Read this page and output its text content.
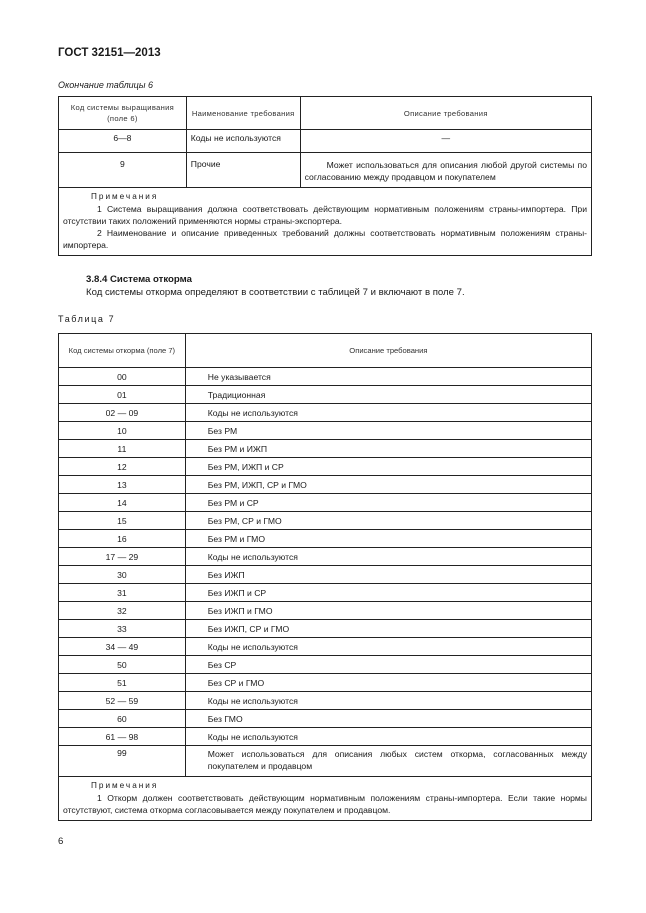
ГОСТ 32151—2013
Окончание таблицы 6
Код системы выращивания (поле 6)	Наименование требования	Описание требования
6—8	Коды не используются	—
9	Прочие	Может использоваться для описания любой другой системы по согласованию между продавцом и покупателем

Примечания
1 Система выращивания должна соответствовать действующим нормативным положениям страны-импортера. При отсутствии таких положений применяются нормы страны-экспортера.
2 Наименование и описание приведенных требований должны соответствовать нормативным положениям страны-импортера.		
3.8.4 Система откорма
Код системы откорма определяют в соответствии с таблицей 7 и включают в поле 7.
Таблица 7
Код системы откорма (поле 7)	Описание требования
00	Не указывается
01	Традиционная
02 — 09	Коды не используются
10	Без РМ
11	Без РМ и ИЖП
12	Без РМ, ИЖП и СР
13	Без РМ, ИЖП, СР и ГМО
14	Без РМ и СР
15	Без РМ, СР и ГМО
16	Без РМ и ГМО
17 — 29	Коды не используются
30	Без ИЖП
31	Без ИЖП и СР
32	Без ИЖП и ГМО
33	Без ИЖП, СР и ГМО
34 — 49	Коды не используются
50	Без СР
51	Без СР и ГМО
52 — 59	Коды не используются
60	Без ГМО
61 — 98	Коды не используются
99	Может использоваться для описания любых систем откорма, согласованных между покупателем и продавцом

Примечания
1 Откорм должен соответствовать действующим нормативным положениям страны-импортера. Если такие нормы отсутствуют, система откорма согласовывается между покупателем и продавцом.	
6
